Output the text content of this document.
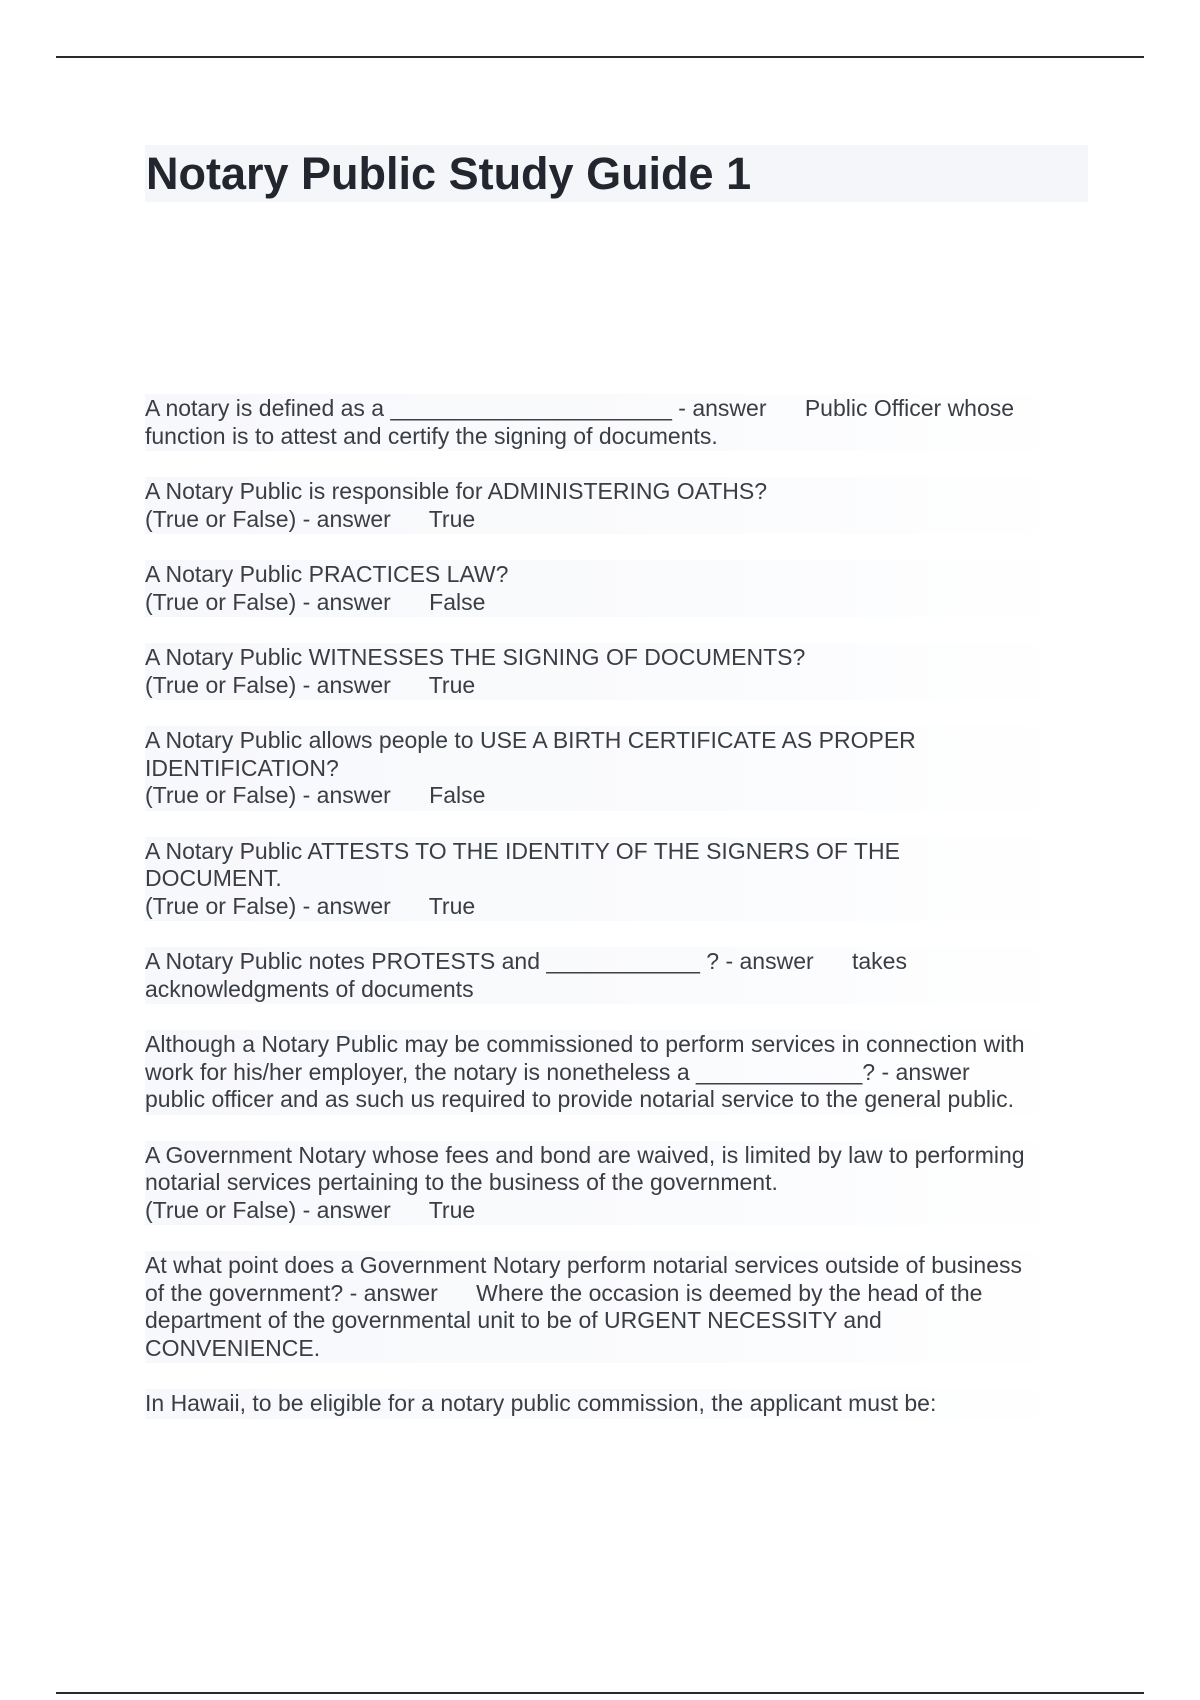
Notary Public Study Guide 1

A notary is defined as a ______________________ - answer      Public Officer whose
function is to attest and certify the signing of documents.

A Notary Public is responsible for ADMINISTERING OATHS?
(True or False) - answer      True

A Notary Public PRACTICES LAW?
(True or False) - answer      False

A Notary Public WITNESSES THE SIGNING OF DOCUMENTS?
(True or False) - answer      True

A Notary Public allows people to USE A BIRTH CERTIFICATE AS PROPER
IDENTIFICATION?
(True or False) - answer      False

A Notary Public ATTESTS TO THE IDENTITY OF THE SIGNERS OF THE
DOCUMENT.
(True or False) - answer      True

A Notary Public notes PROTESTS and ____________ ? - answer      takes
acknowledgments of documents

Although a Notary Public may be commissioned to perform services in connection with
work for his/her employer, the notary is nonetheless a _____________? - answer
public officer and as such us required to provide notarial service to the general public.

A Government Notary whose fees and bond are waived, is limited by law to performing
notarial services pertaining to the business of the government.
(True or False) - answer      True

At what point does a Government Notary perform notarial services outside of business
of the government? - answer      Where the occasion is deemed by the head of the
department of the governmental unit to be of URGENT NECESSITY and
CONVENIENCE.

In Hawaii, to be eligible for a notary public commission, the applicant must be:
